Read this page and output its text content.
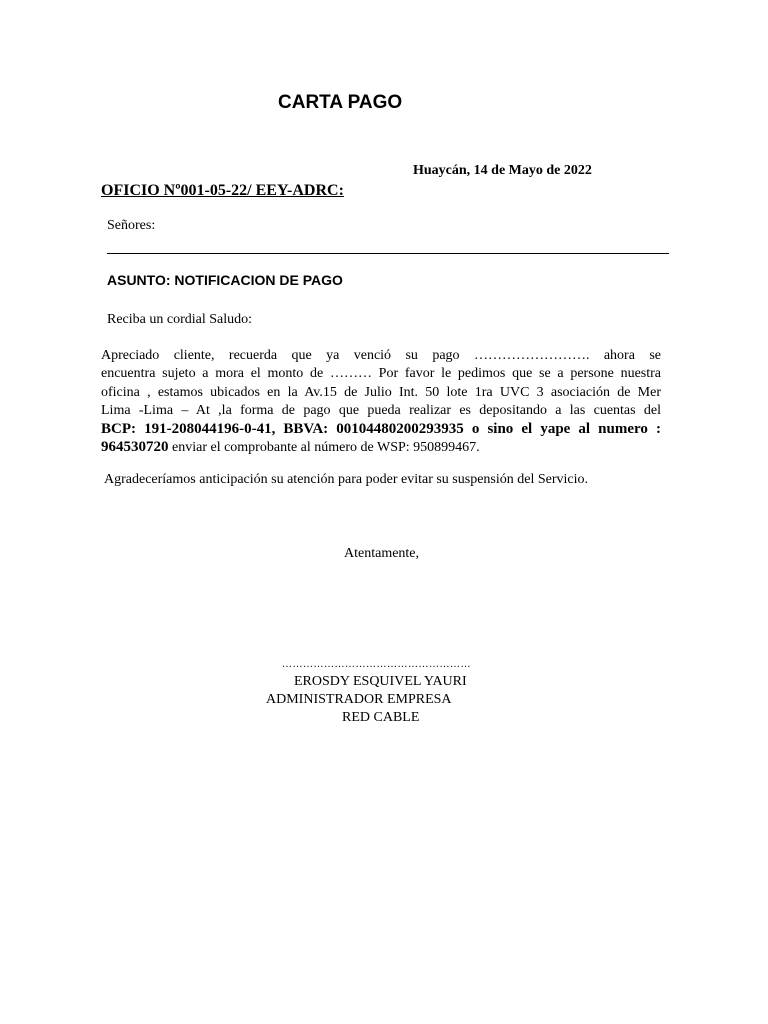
CARTA PAGO
Huaycán, 14 de Mayo de 2022
OFICIO Nº001-05-22/ EEY-ADRC:
Señores:
ASUNTO: NOTIFICACION DE PAGO
Reciba un cordial Saludo:
Apreciado cliente, recuerda que ya venció su pago ……………………. ahora se
encuentra sujeto a mora el monto de ……… Por favor le pedimos que se a persone nuestra
oficina , estamos ubicados en la Av.15 de Julio Int. 50 lote 1ra UVC 3 asociación de Mer
Lima -Lima – At ,la forma de pago que pueda realizar es depositando a las cuentas del
BCP: 191-208044196-0-41, BBVA: 00104480200293935 o sino el yape al numero :
964530720 enviar el comprobante al número de WSP: 950899467.
Agradeceríamos anticipación su atención para poder evitar su suspensión del Servicio.
Atentamente,
………………………………………………
EROSDY ESQUIVEL YAURI
ADMINISTRADOR EMPRESA
RED CABLE
